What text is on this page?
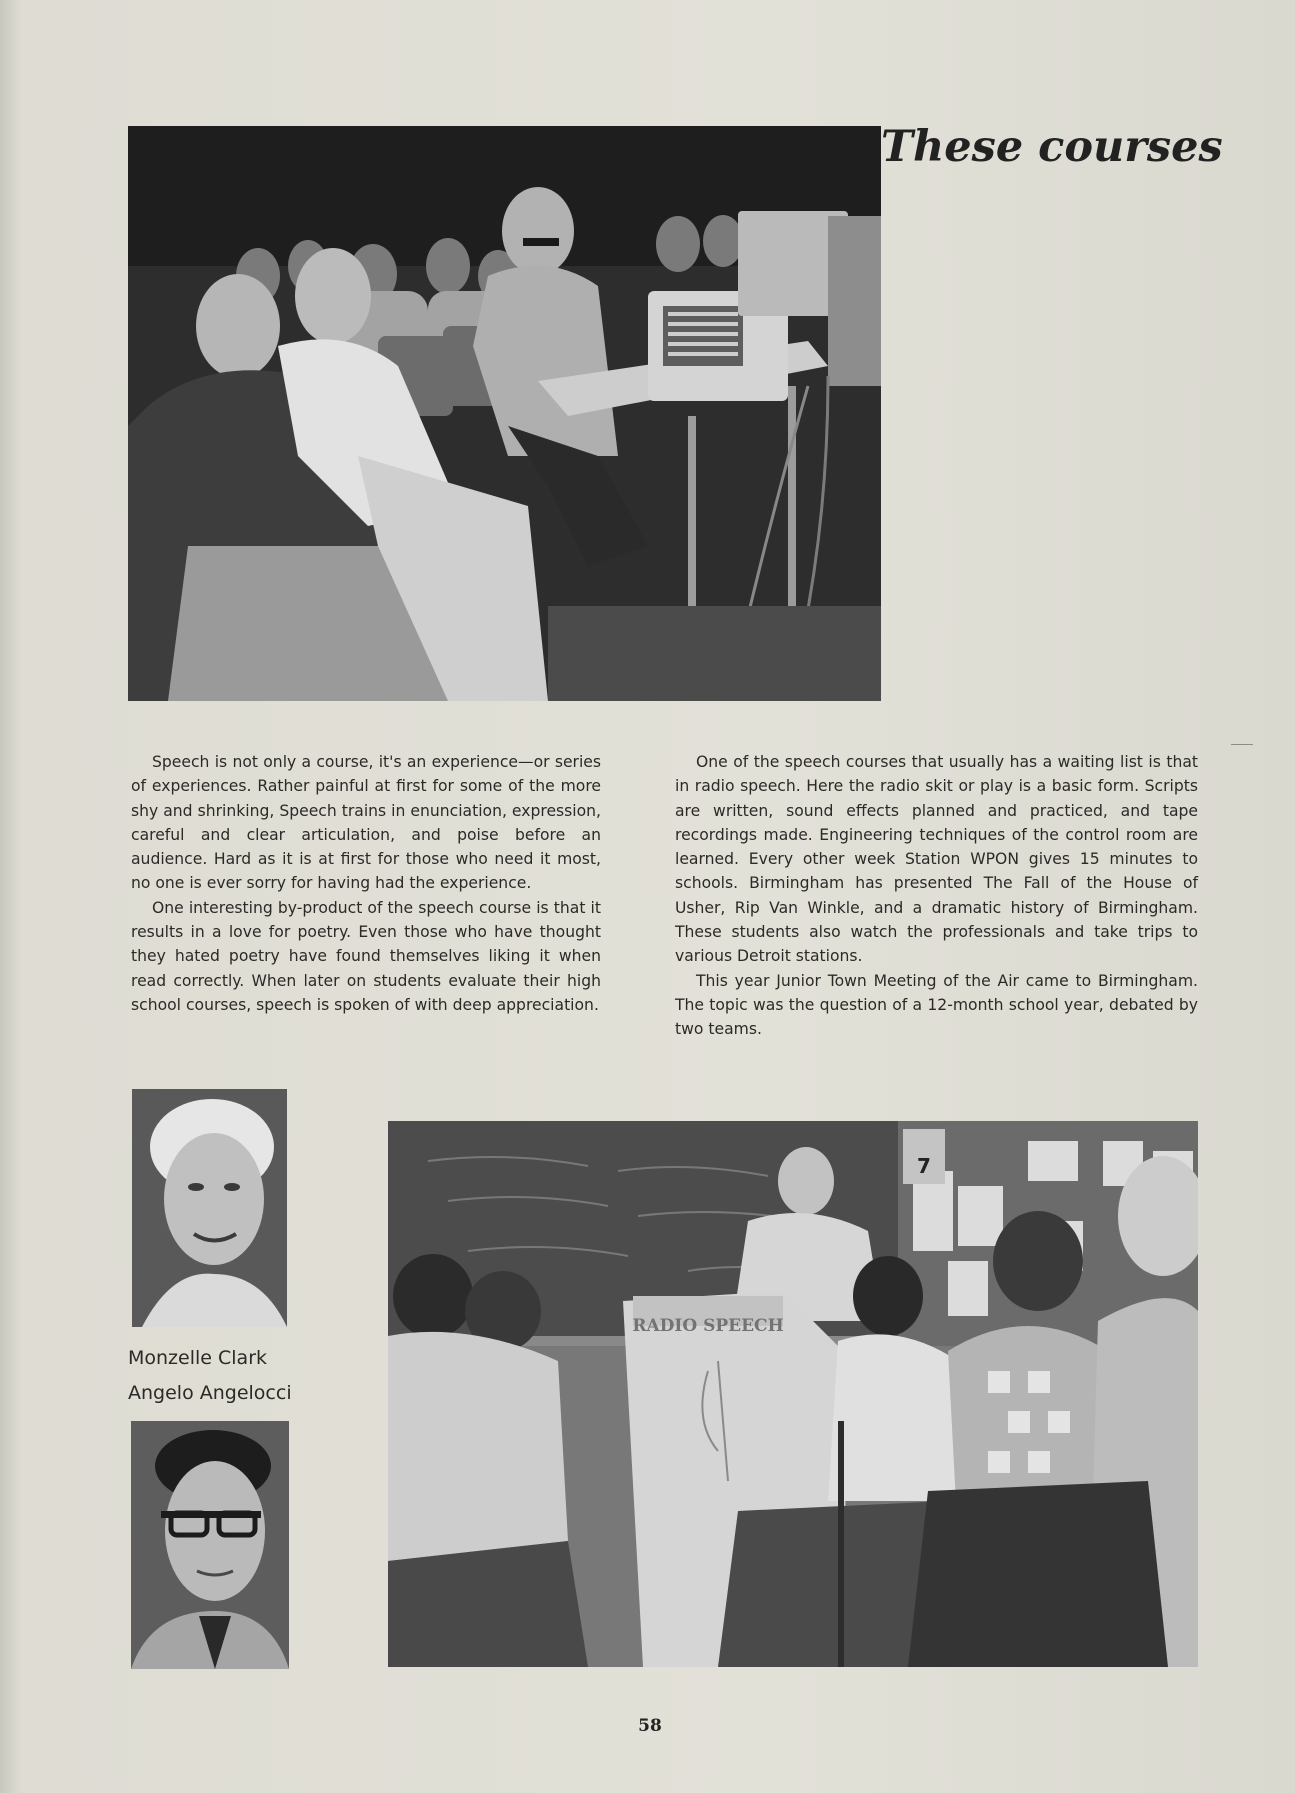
These courses

Speech is not only a course, it's an experience—or series of experiences. Rather painful at first for some of the more shy and shrinking, Speech trains in enunciation, expression, careful and clear articulation, and poise before an audience. Hard as it is at first for those who need it most, no one is ever sorry for having had the experience.

One interesting by-product of the speech course is that it results in a love for poetry. Even those who have thought they hated poetry have found themselves liking it when read correctly. When later on students evaluate their high school courses, speech is spoken of with deep appreciation.

One of the speech courses that usually has a waiting list is that in radio speech. Here the radio skit or play is a basic form. Scripts are written, sound effects planned and practiced, and tape recordings made. Engineering techniques of the control room are learned. Every other week Station WPON gives 15 minutes to schools. Birmingham has presented The Fall of the House of Usher, Rip Van Winkle, and a dramatic history of Birmingham. These students also watch the professionals and take trips to various Detroit stations.

This year Junior Town Meeting of the Air came to Birmingham. The topic was the question of a 12-month school year, debated by two teams.

Monzelle Clark
Angelo Angelocci
7
RADIO SPEECH
58
